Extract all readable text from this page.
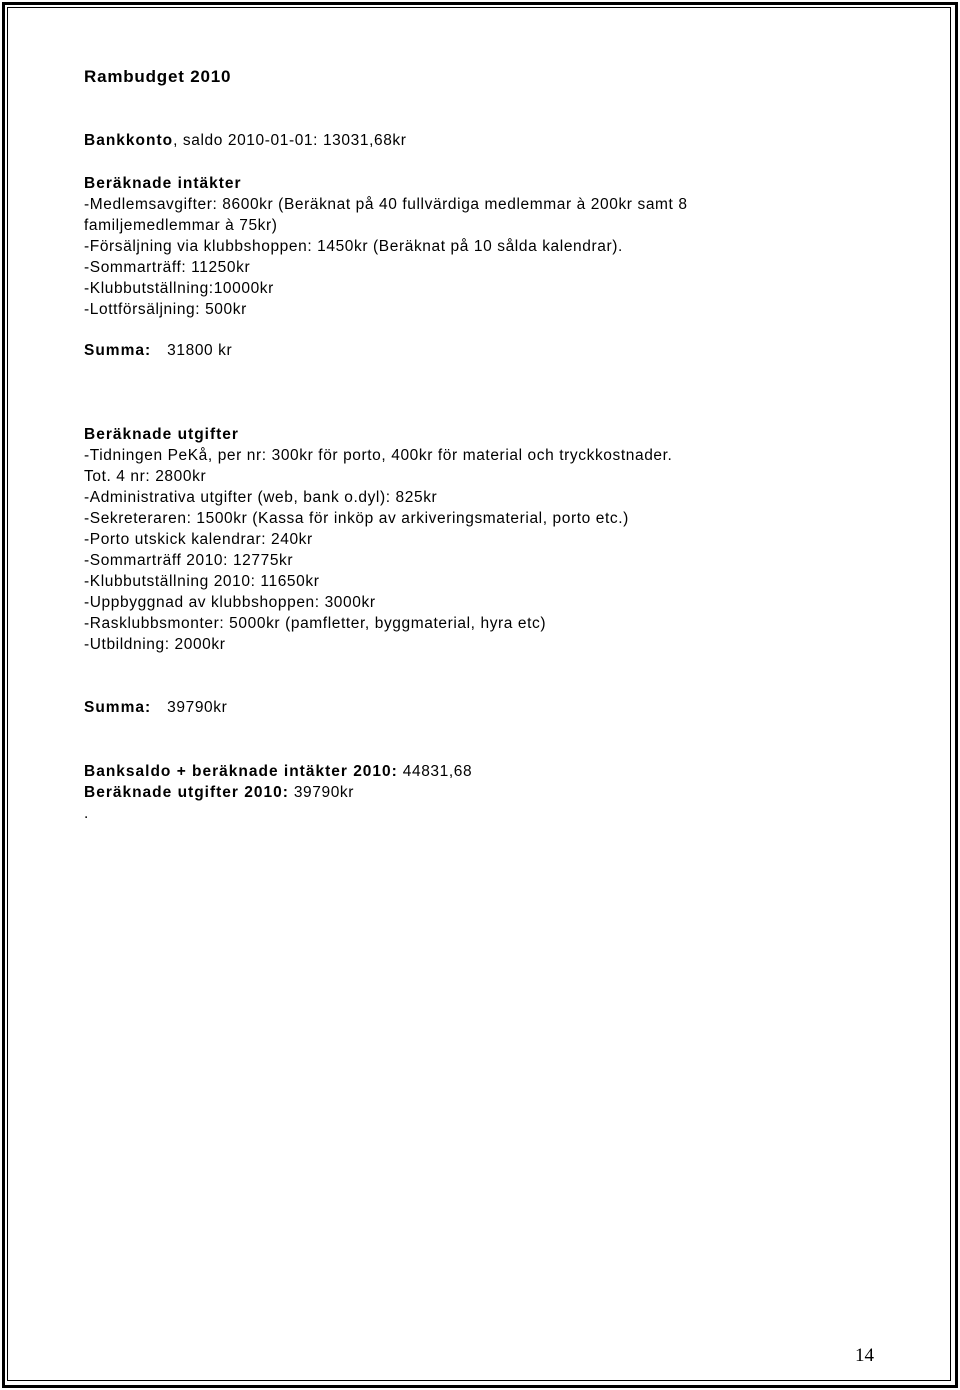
Rambudget 2010

Bankkonto, saldo 2010-01-01: 13031,68kr

Beräknade intäkter

-Medlemsavgifter: 8600kr (Beräknat på 40 fullvärdiga medlemmar à 200kr samt 8

familjemedlemmar à 75kr)

-Försäljning via klubbshoppen: 1450kr (Beräknat på 10 sålda kalendrar).

-Sommarträff: 11250kr

-Klubbutställning:10000kr

-Lottförsäljning: 500kr

Summa: 31800 kr

Beräknade utgifter

-Tidningen PeKå, per nr: 300kr för porto, 400kr för material och tryckkostnader.

Tot. 4 nr: 2800kr

-Administrativa utgifter (web, bank o.dyl): 825kr

-Sekreteraren: 1500kr (Kassa för inköp av arkiveringsmaterial, porto etc.)

-Porto utskick kalendrar: 240kr

-Sommarträff 2010: 12775kr

-Klubbutställning 2010: 11650kr

-Uppbyggnad av klubbshoppen: 3000kr

-Rasklubbsmonter: 5000kr (pamfletter, byggmaterial, hyra etc)

-Utbildning: 2000kr

Summa: 39790kr

Banksaldo + beräknade intäkter 2010: 44831,68

Beräknade utgifter 2010: 39790kr

.

14
